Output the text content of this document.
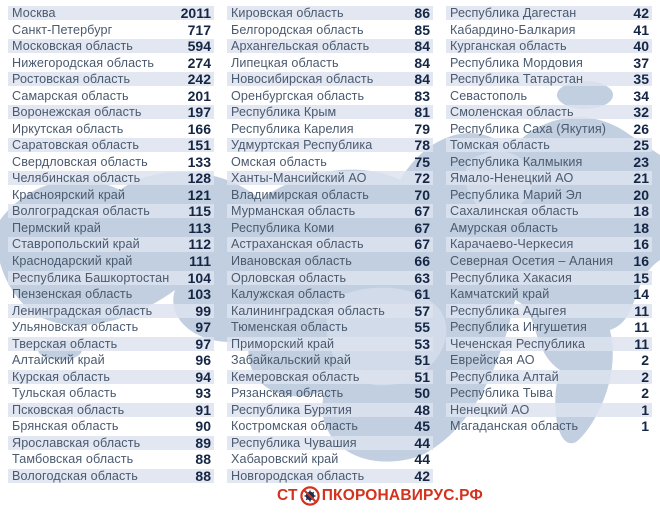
Москва	2011
Санкт-Петербург	717
Московская область	594
Нижегородская область 274
Ростовская область	242
Самарская область	201
Воронежская область	197
Иркутская область	166
Саратовская область	151
Свердловская область	133
Челябинская область	128
Красноярский край	121
Волгоградская область	115
Пермский край	113
Ставропольский край	112
Краснодарский край	111
Республика Башкортостан 104
Пензенская область	103
Ленинградская область	99
Ульяновская область	97
Тверская область	97
Алтайский край	96
Курская область	94
Тульская область	93
Псковская область	91
Брянская область	90
Ярославская область	89
Тамбовская область	88
Вологодская область	88
Кировская область	86
Белгородская область	85
Архангельская область	84
Липецкая область	84
Новосибирская область	84
Оренбургская область	83
Республика Крым	81
Республика Карелия	79
Удмуртская Республика	78
Омская область	75
Ханты-Мансийский АО	72
Владимирская область	70
Мурманская область	67
Республика Коми	67
Астраханская область	67
Ивановская область	66
Орловская область	63
Калужская область	61
Калининградская область 57
Тюменская область	55
Приморский край	53
Забайкальский край	51
Кемеровская область	51
Рязанская область	50
Республика Бурятия	48
Костромская область	45
Республика Чувашия	44
Хабаровский край	44
Новгородская область	42
Республика Дагестан	42
Кабардино-Балкария	41
Курганская область	40
Республика Мордовия	37
Республика Татарстан	35
Севастополь	34
Смоленская область	32
Республика Саха (Якутия) 26
Томская область	25
Республика Калмыкия	23
Ямало-Ненецкий АО	21
Республика Марий Эл	20
Сахалинская область	18
Амурская область	18
Карачаево-Черкесия	16
Северная Осетия – Алания 16
Республика Хакасия	15
Камчатский край	14
Республика Адыгея	11
Республика Ингушетия	11
Чеченская Республика	11
Еврейская АО	2
Республика Алтай	2
Республика Тыва	2
Ненецкий АО	1
Магаданская область	1
СТ ПКОРОНАВИРУС.РФ
